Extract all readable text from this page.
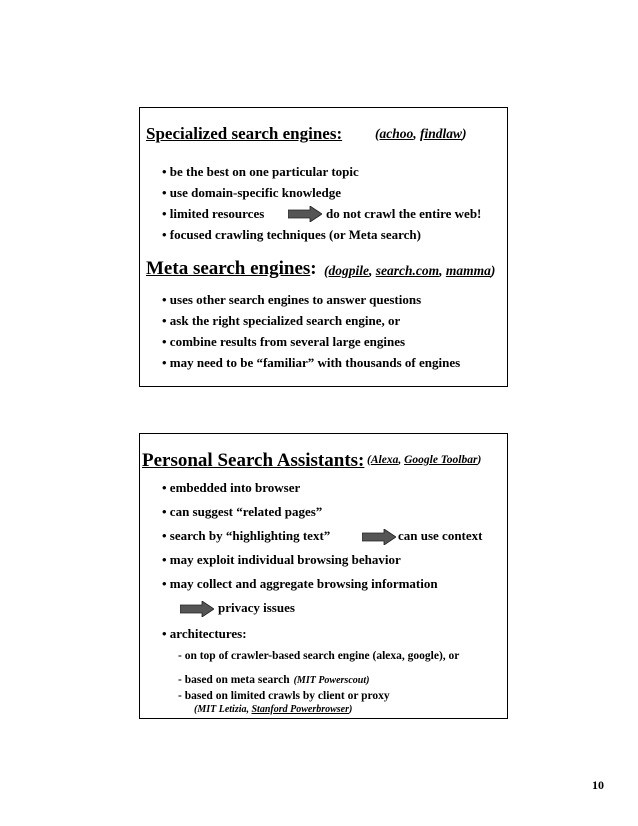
Specialized search engines: (achoo, findlaw)
• be the best on one particular topic
• use domain-specific knowledge
• limited resources	do not crawl the entire web!
• focused crawling techniques (or Meta search)
Meta search engines: (dogpile, search.com, mamma)
• uses other search engines to answer questions
• ask the right specialized search engine, or
• combine results from several large engines
• may need to be “familiar” with thousands of engines
Personal Search Assistants: (Alexa, Google Toolbar)
• embedded into browser
• can suggest “related pages”
• search by “highlighting text”	can use context
• may exploit individual browsing behavior
• may collect and aggregate browsing information
privacy issues
• architectures:
- on top of crawler-based search engine (alexa, google), or
- based on meta search (MIT Powerscout)
- based on limited crawls by client or proxy
(MIT Letizia, Stanford Powerbrowser)
10
